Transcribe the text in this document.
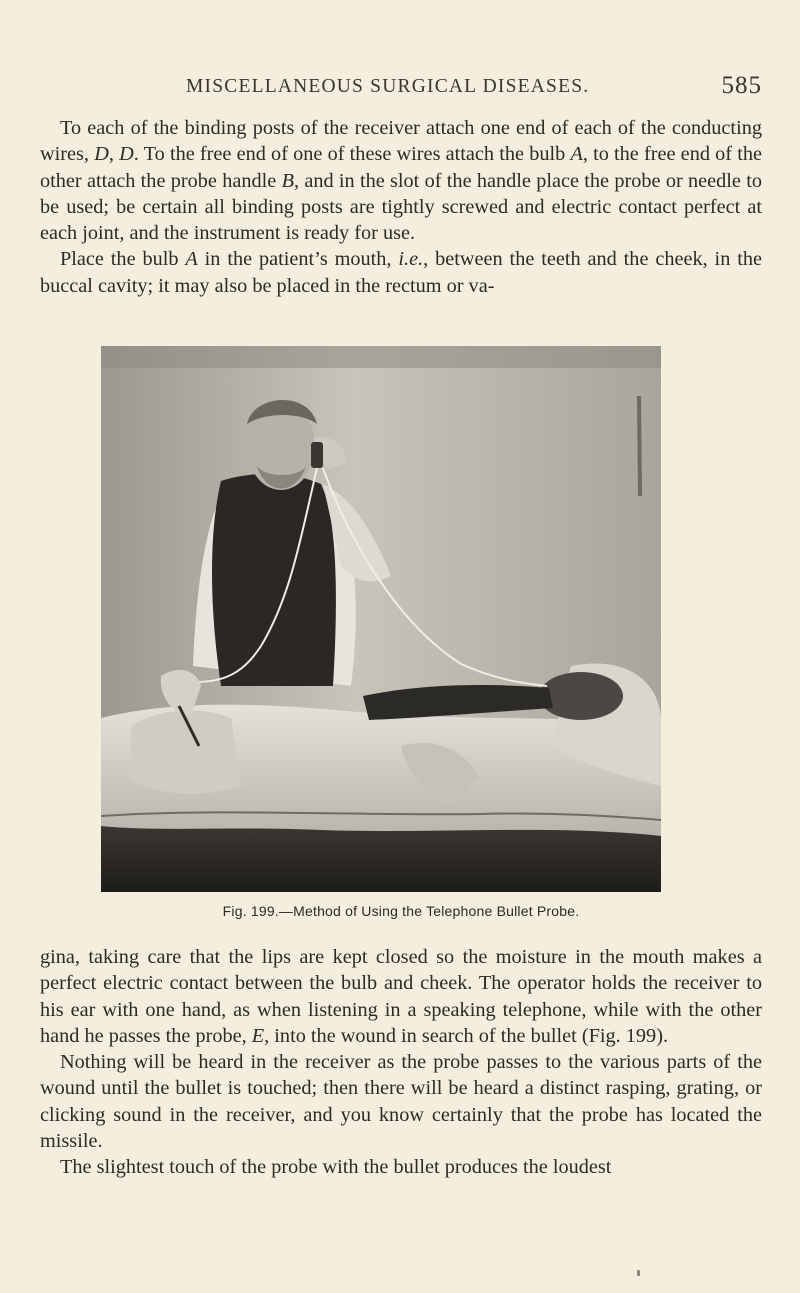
MISCELLANEOUS SURGICAL DISEASES.	585

To each of the binding posts of the receiver attach one end of each of the conducting wires, D, D. To the free end of one of these wires attach the bulb A, to the free end of the other attach the probe handle B, and in the slot of the handle place the probe or needle to be used; be certain all binding posts are tightly screwed and electric contact perfect at each joint, and the instrument is ready for use.

Place the bulb A in the patient’s mouth, i.e., between the teeth and the cheek, in the buccal cavity; it may also be placed in the rectum or va-

Fig. 199.—Method of Using the Telephone Bullet Probe.

gina, taking care that the lips are kept closed so the moisture in the mouth makes a perfect electric contact between the bulb and cheek. The operator holds the receiver to his ear with one hand, as when listening in a speaking telephone, while with the other hand he passes the probe, E, into the wound in search of the bullet (Fig. 199).

Nothing will be heard in the receiver as the probe passes to the various parts of the wound until the bullet is touched; then there will be heard a distinct rasping, grating, or clicking sound in the receiver, and you know certainly that the probe has located the missile.

The slightest touch of the probe with the bullet produces the loudest
